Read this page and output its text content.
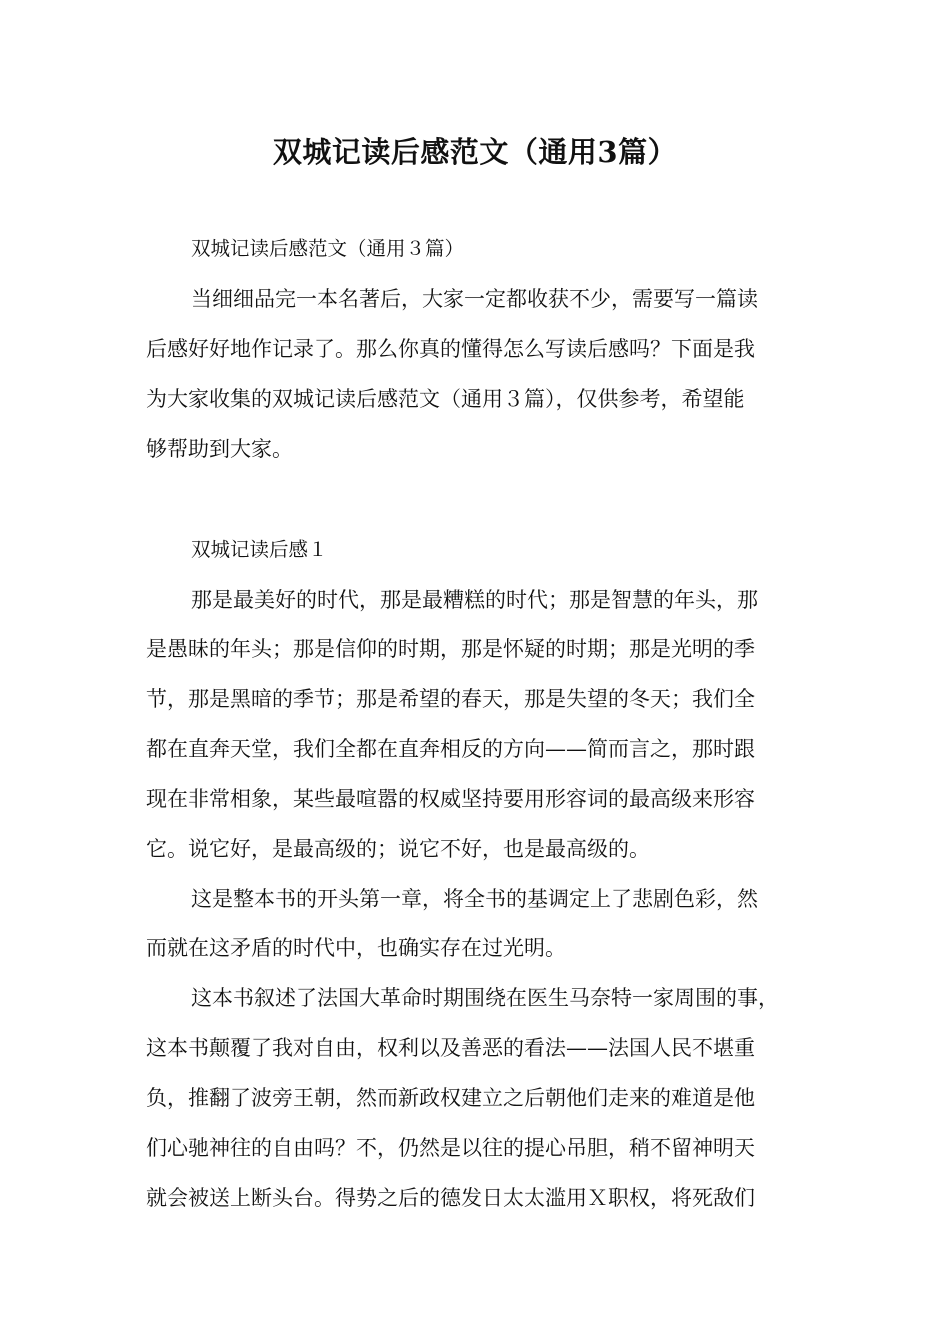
双城记读后感范文（通用3篇）

双城记读后感范文（通用３篇）

当细细品完一本名著后，大家一定都收获不少，需要写一篇读

后感好好地作记录了。那么你真的懂得怎么写读后感吗？下面是我

为大家收集的双城记读后感范文（通用３篇），仅供参考，希望能

够帮助到大家。

双城记读后感１

那是最美好的时代，那是最糟糕的时代；那是智慧的年头，那

是愚昧的年头；那是信仰的时期，那是怀疑的时期；那是光明的季

节，那是黑暗的季节；那是希望的春天，那是失望的冬天；我们全

都在直奔天堂，我们全都在直奔相反的方向——简而言之，那时跟

现在非常相象，某些最喧嚣的权威坚持要用形容词的最高级来形容

它。说它好，是最高级的；说它不好，也是最高级的。

这是整本书的开头第一章，将全书的基调定上了悲剧色彩，然

而就在这矛盾的时代中，也确实存在过光明。

这本书叙述了法国大革命时期围绕在医生马奈特一家周围的事，

这本书颠覆了我对自由，权利以及善恶的看法——法国人民不堪重

负，推翻了波旁王朝，然而新政权建立之后朝他们走来的难道是他

们心驰神往的自由吗？不，仍然是以往的提心吊胆，稍不留神明天

就会被送上断头台。得势之后的德发日太太滥用Ｘ职权，将死敌们
